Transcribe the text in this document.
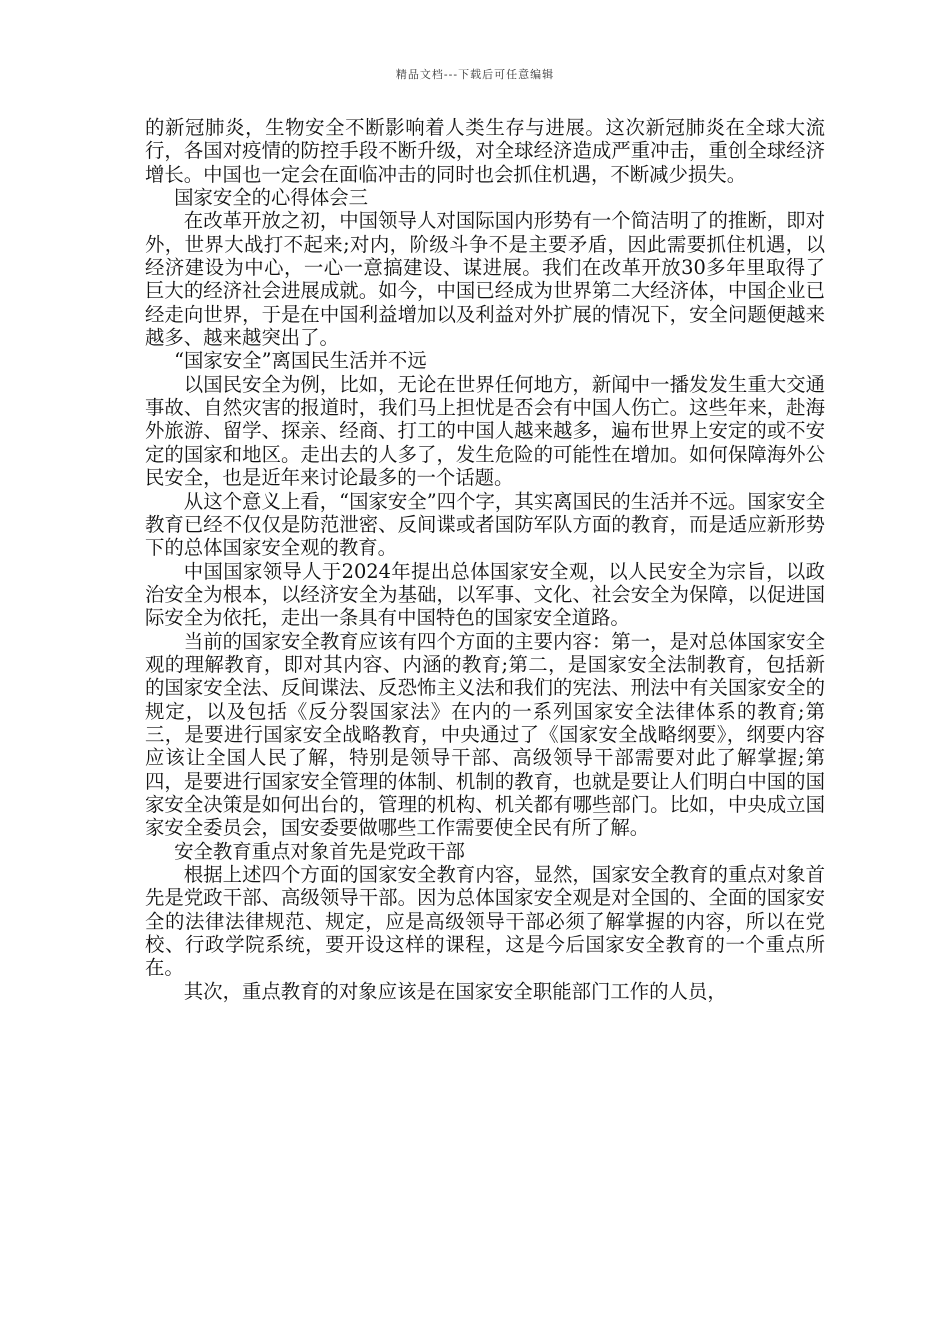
精品文档---下载后可任意编辑

的新冠肺炎，生物安全不断影响着人类生存与进展。这次新冠肺炎在全球大流行，各国对疫情的防控手段不断升级，对全球经济造成严重冲击，重创全球经济增长。中国也一定会在面临冲击的同时也会抓住机遇，不断减少损失。

国家安全的心得体会三

在改革开放之初，中国领导人对国际国内形势有一个简洁明了的推断，即对外，世界大战打不起来;对内，阶级斗争不是主要矛盾，因此需要抓住机遇，以经济建设为中心，一心一意搞建设、谋进展。我们在改革开放30多年里取得了巨大的经济社会进展成就。如今，中国已经成为世界第二大经济体，中国企业已经走向世界，于是在中国利益增加以及利益对外扩展的情况下，安全问题便越来越多、越来越突出了。

“国家安全”离国民生活并不远

以国民安全为例，比如，无论在世界任何地方，新闻中一播发发生重大交通事故、自然灾害的报道时，我们马上担忧是否会有中国人伤亡。这些年来，赴海外旅游、留学、探亲、经商、打工的中国人越来越多，遍布世界上安定的或不安定的国家和地区。走出去的人多了，发生危险的可能性在增加。如何保障海外公民安全，也是近年来讨论最多的一个话题。

从这个意义上看，“国家安全”四个字，其实离国民的生活并不远。国家安全教育已经不仅仅是防范泄密、反间谍或者国防军队方面的教育，而是适应新形势下的总体国家安全观的教育。

中国国家领导人于2024年提出总体国家安全观，以人民安全为宗旨，以政治安全为根本，以经济安全为基础，以军事、文化、社会安全为保障，以促进国际安全为依托，走出一条具有中国特色的国家安全道路。

当前的国家安全教育应该有四个方面的主要内容：第一，是对总体国家安全观的理解教育，即对其内容、内涵的教育;第二，是国家安全法制教育，包括新的国家安全法、反间谍法、反恐怖主义法和我们的宪法、刑法中有关国家安全的规定，以及包括《反分裂国家法》在内的一系列国家安全法律体系的教育;第三，是要进行国家安全战略教育，中央通过了《国家安全战略纲要》，纲要内容应该让全国人民了解，特别是领导干部、高级领导干部需要对此了解掌握;第四，是要进行国家安全管理的体制、机制的教育，也就是要让人们明白中国的国家安全决策是如何出台的，管理的机构、机关都有哪些部门。比如，中央成立国家安全委员会，国安委要做哪些工作需要使全民有所了解。

安全教育重点对象首先是党政干部

根据上述四个方面的国家安全教育内容，显然，国家安全教育的重点对象首先是党政干部、高级领导干部。因为总体国家安全观是对全国的、全面的国家安全的法律法律规范、规定，应是高级领导干部必须了解掌握的内容，所以在党校、行政学院系统，要开设这样的课程，这是今后国家安全教育的一个重点所在。

其次，重点教育的对象应该是在国家安全职能部门工作的人员，
